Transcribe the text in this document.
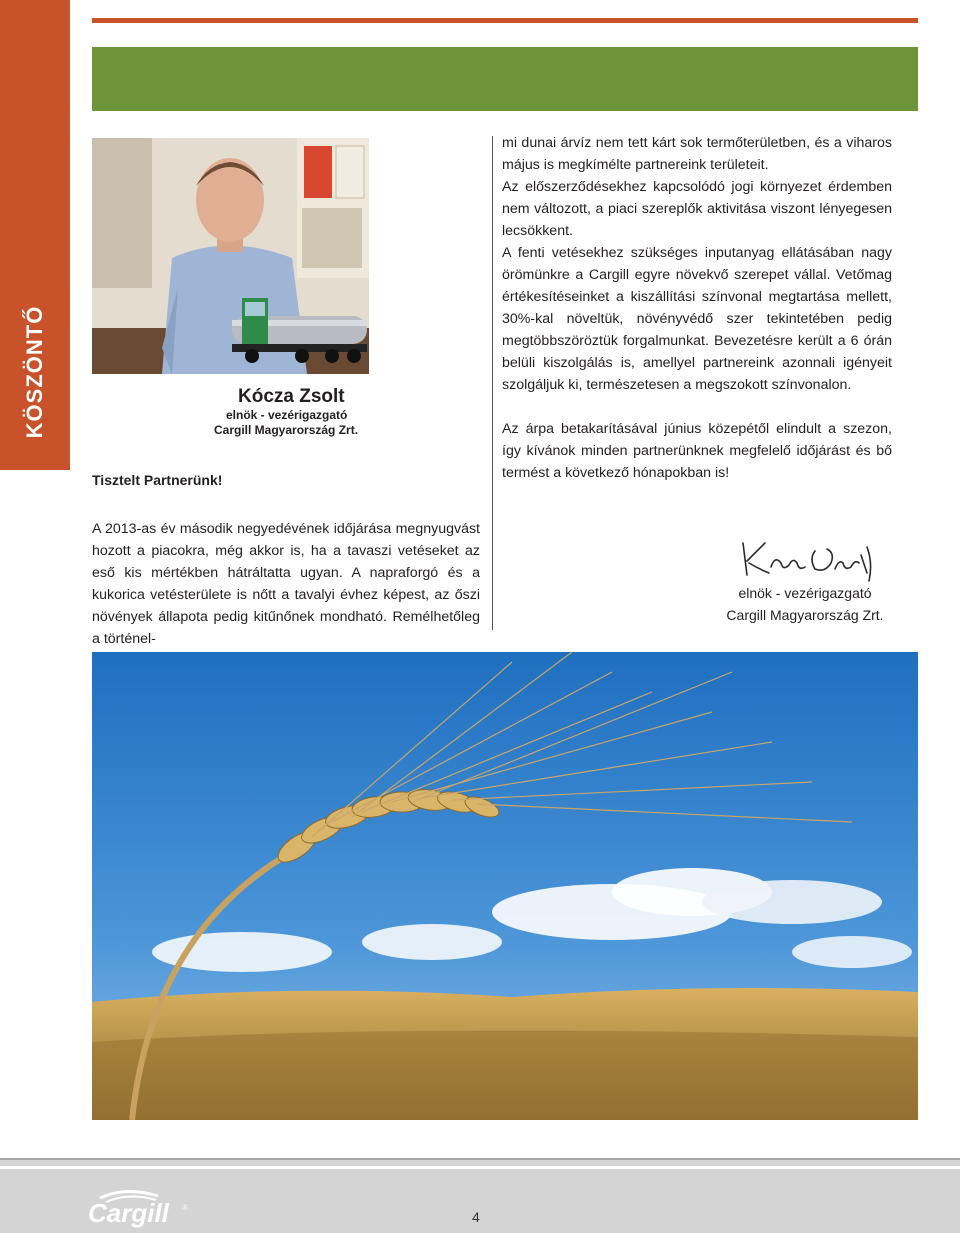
KÖSZÖNTŐ	Kócza Zsolt
elnök - vezérigazgató
Cargill Magyarország Zrt.
Tisztelt Partnerünk!

mi dunai árvíz nem tett kárt sok termőterületben, és a viharos május is megkímélte partnereink területeit.

Az előszerződésekhez kapcsolódó jogi környezet érdemben nem változott, a piaci szereplők aktivitása viszont lényegesen lecsökkent.

A fenti vetésekhez szükséges inputanyag ellátásában nagy örömünkre a Cargill egyre növekvő szerepet vállal. Vetőmag értékesítéseinket a kiszállítási színvonal megtartása mellett, 30%-kal növeltük, növényvédő szer tekintetében pedig megtöbbszöröztük forgalmunkat. Bevezetésre került a 6 órán belüli kiszolgálás is, amellyel partnereink azonnali igényeit szolgáljuk ki, természetesen a megszokott színvonalon.

Az árpa betakarításával június közepétől elindult a szezon, így kívánok minden partnerünknek megfelelő időjárást és bő termést a következő hónapokban is!

A 2013-as év második negyedévének időjárása megnyugvást hozott a piacokra, még akkor is, ha a tavaszi vetéseket az eső kis mértékben hátráltatta ugyan. A napraforgó és a kukorica vetésterülete is nőtt a tavalyi évhez képest, az őszi növények állapota pedig kitűnőnek mondható. Remélhetőleg a történel-

elnök - vezérigazgató
Cargill Magyarország Zrt.
Cargill ®
4
